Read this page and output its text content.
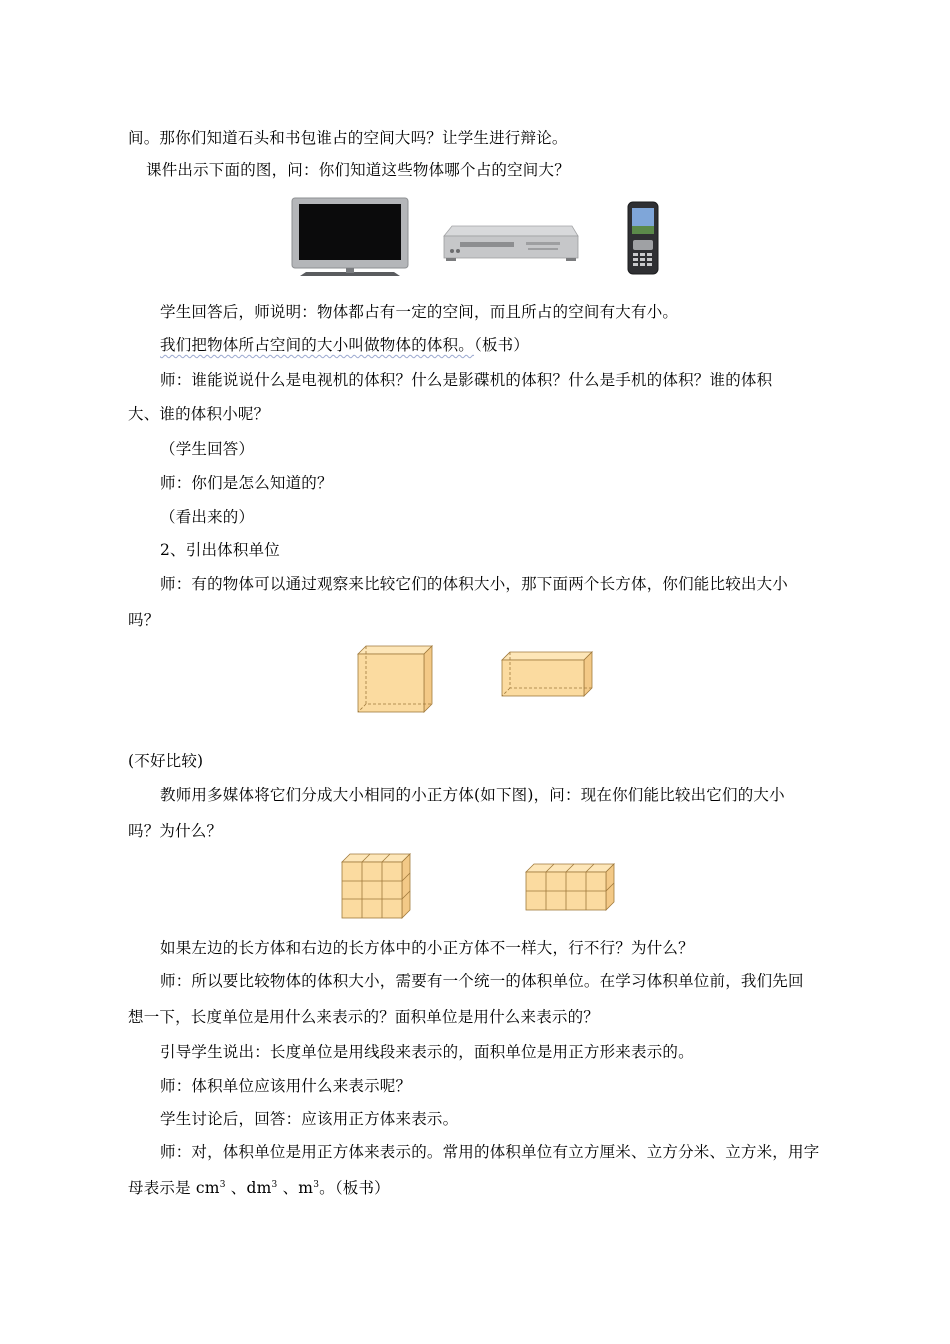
间。那你们知道石头和书包谁占的空间大吗？让学生进行辩论。
课件出示下面的图，问：你们知道这些物体哪个占的空间大？
学生回答后，师说明：物体都占有一定的空间，而且所占的空间有大有小。
我们把物体所占空间的大小叫做物体的体积。（板书）
师：谁能说说什么是电视机的体积？什么是影碟机的体积？什么是手机的体积？谁的体积
大、谁的体积小呢？
（学生回答）
师：你们是怎么知道的？
（看出来的）
2、引出体积单位
师：有的物体可以通过观察来比较它们的体积大小，那下面两个长方体，你们能比较出大小
吗？
(不好比较)
教师用多媒体将它们分成大小相同的小正方体(如下图)，问：现在你们能比较出它们的大小
吗？为什么？
如果左边的长方体和右边的长方体中的小正方体不一样大，行不行？为什么？
师：所以要比较物体的体积大小，需要有一个统一的体积单位。在学习体积单位前，我们先回
想一下，长度单位是用什么来表示的？面积单位是用什么来表示的？
引导学生说出：长度单位是用线段来表示的，面积单位是用正方形来表示的。
师：体积单位应该用什么来表示呢？
学生讨论后，回答：应该用正方体来表示。
师：对，体积单位是用正方体来表示的。常用的体积单位有立方厘米、立方分米、立方米，用字
母表示是 $cm^3$ 、$dm^3$ 、$m^3$。（板书）
